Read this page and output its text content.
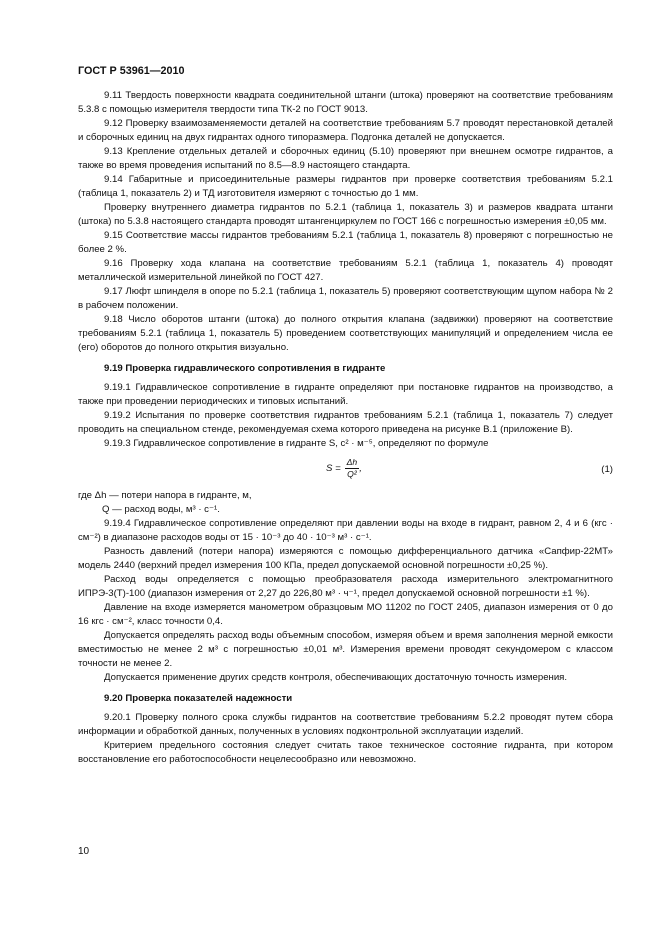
ГОСТ Р 53961—2010

9.11 Твердость поверхности квадрата соединительной штанги (штока) проверяют на соответствие требованиям 5.3.8 с помощью измерителя твердости типа ТК-2 по ГОСТ 9013.

9.12 Проверку взаимозаменяемости деталей на соответствие требованиям 5.7 проводят перестановкой деталей и сборочных единиц на двух гидрантах одного типоразмера. Подгонка деталей не допускается.

9.13 Крепление отдельных деталей и сборочных единиц (5.10) проверяют при внешнем осмотре гидрантов, а также во время проведения испытаний по 8.5—8.9 настоящего стандарта.

9.14 Габаритные и присоединительные размеры гидрантов при проверке соответствия требованиям 5.2.1 (таблица 1, показатель 2) и ТД изготовителя измеряют с точностью до 1 мм.

Проверку внутреннего диаметра гидрантов по 5.2.1 (таблица 1, показатель 3) и размеров квадрата штанги (штока) по 5.3.8 настоящего стандарта проводят штангенциркулем по ГОСТ 166 с погрешностью измерения ±0,05 мм.

9.15 Соответствие массы гидрантов требованиям 5.2.1 (таблица 1, показатель 8) проверяют с погрешностью не более 2 %.

9.16 Проверку хода клапана на соответствие требованиям 5.2.1 (таблица 1, показатель 4) проводят металлической измерительной линейкой по ГОСТ 427.

9.17 Люфт шпинделя в опоре по 5.2.1 (таблица 1, показатель 5) проверяют соответствующим щупом набора № 2 в рабочем положении.

9.18 Число оборотов штанги (штока) до полного открытия клапана (задвижки) проверяют на соответствие требованиям 5.2.1 (таблица 1, показатель 5) проведением соответствующих манипуляций и определением числа ее (его) оборотов до полного открытия визуально.

9.19 Проверка гидравлического сопротивления в гидранте

9.19.1 Гидравлическое сопротивление в гидранте определяют при постановке гидрантов на производство, а также при проведении периодических и типовых испытаний.

9.19.2 Испытания по проверке соответствия гидрантов требованиям 5.2.1 (таблица 1, показатель 7) следует проводить на специальном стенде, рекомендуемая схема которого приведена на рисунке В.1 (приложение В).

9.19.3 Гидравлическое сопротивление в гидранте S, с² · м⁻⁵, определяют по формуле

$S = \frac{\Delta h}{\text{Q²}}$ ,	(1)

где Δh — потери напора в гидранте, м,

Q — расход воды, м³ · с⁻¹.

9.19.4 Гидравлическое сопротивление определяют при давлении воды на входе в гидрант, равном 2, 4 и 6 (кгс · см⁻²) в диапазоне расходов воды от 15 · 10⁻³ до 40 · 10⁻³ м³ · с⁻¹.

Разность давлений (потери напора) измеряются с помощью дифференциального датчика «Сапфир-22МТ» модель 2440 (верхний предел измерения 100 КПа, предел допускаемой основной погрешности ±0,25 %).

Расход воды определяется с помощью преобразователя расхода измерительного электромагнитного ИПРЭ-3(Т)-100 (диапазон измерения от 2,27 до 226,80 м³ · ч⁻¹, предел допускаемой основной погрешности ±1 %).

Давление на входе измеряется манометром образцовым МО 11202 по ГОСТ 2405, диапазон измерения от 0 до 16 кгс · см⁻², класс точности 0,4.

Допускается определять расход воды объемным способом, измеряя объем и время заполнения мерной емкости вместимостью не менее 2 м³ с погрешностью ±0,01 м³. Измерения времени проводят секундомером с классом точности не менее 2.

Допускается применение других средств контроля, обеспечивающих достаточную точность измерения.

9.20 Проверка показателей надежности

9.20.1 Проверку полного срока службы гидрантов на соответствие требованиям 5.2.2 проводят путем сбора информации и обработкой данных, полученных в условиях подконтрольной эксплуатации изделий.

Критерием предельного состояния следует считать такое техническое состояние гидранта, при котором восстановление его работоспособности нецелесообразно или невозможно.

10
